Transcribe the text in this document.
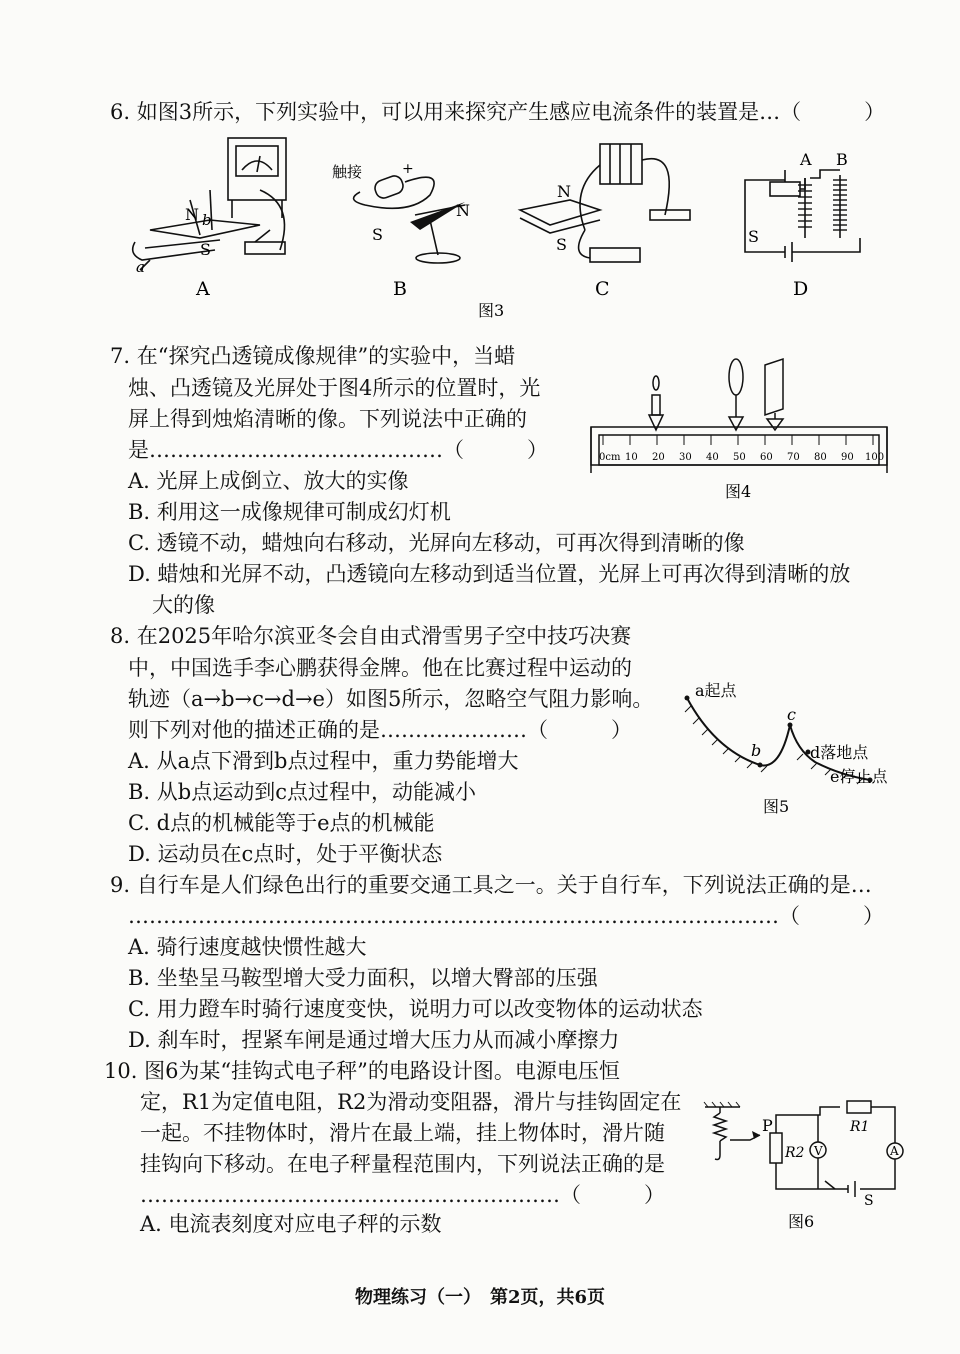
6. 如图3所示，下列实验中，可以用来探究产生感应电流条件的装置是…（　　　）
N b
S
a
A
触接	+
N
S
B
N
S
C
A B
S
D
图3
7. 在“探究凸透镜成像规律”的实验中，当蜡
烛、凸透镜及光屏处于图4所示的位置时，光
屏上得到烛焰清晰的像。下列说法中正确的
是……………………………………（　　　）
A. 光屏上成倒立、放大的实像
B. 利用这一成像规律可制成幻灯机
C. 透镜不动，蜡烛向右移动，光屏向左移动，可再次得到清晰的像
D. 蜡烛和光屏不动，凸透镜向左移动到适当位置，光屏上可再次得到清晰的放
大的像
0cm 10 20 30 40 50 60 70 80 90 100
图4
8. 在2025年哈尔滨亚冬会自由式滑雪男子空中技巧决赛
中，中国选手李心鹏获得金牌。他在比赛过程中运动的
轨迹（a→b→c→d→e）如图5所示，忽略空气阻力影响。
则下列对他的描述正确的是…………………（　　　）
A. 从a点下滑到b点过程中，重力势能增大
B. 从b点运动到c点过程中，动能减小
C. d点的机械能等于e点的机械能
D. 运动员在c点时，处于平衡状态
a起点
b
c
d落地点
e停止点
图5
9. 自行车是人们绿色出行的重要交通工具之一。关于自行车，下列说法正确的是…
…………………………………………………………………………………（　　　）
A. 骑行速度越快惯性越大
B. 坐垫呈马鞍型增大受力面积，以增大臀部的压强
C. 用力蹬车时骑行速度变快，说明力可以改变物体的运动状态
D. 刹车时，捏紧车闸是通过增大压力从而减小摩擦力
10. 图6为某“挂钩式电子秤”的电路设计图。电源电压恒
定，R1为定值电阻，R2为滑动变阻器，滑片与挂钩固定在
一起。不挂物体时，滑片在最上端，挂上物体时，滑片随
挂钩向下移动。在电子秤量程范围内，下列说法正确的是
……………………………………………………（　　　）
A. 电流表刻度对应电子秤的示数
P
R2 V
R1
A
S
图6
物理练习（一）　第2页，共6页
